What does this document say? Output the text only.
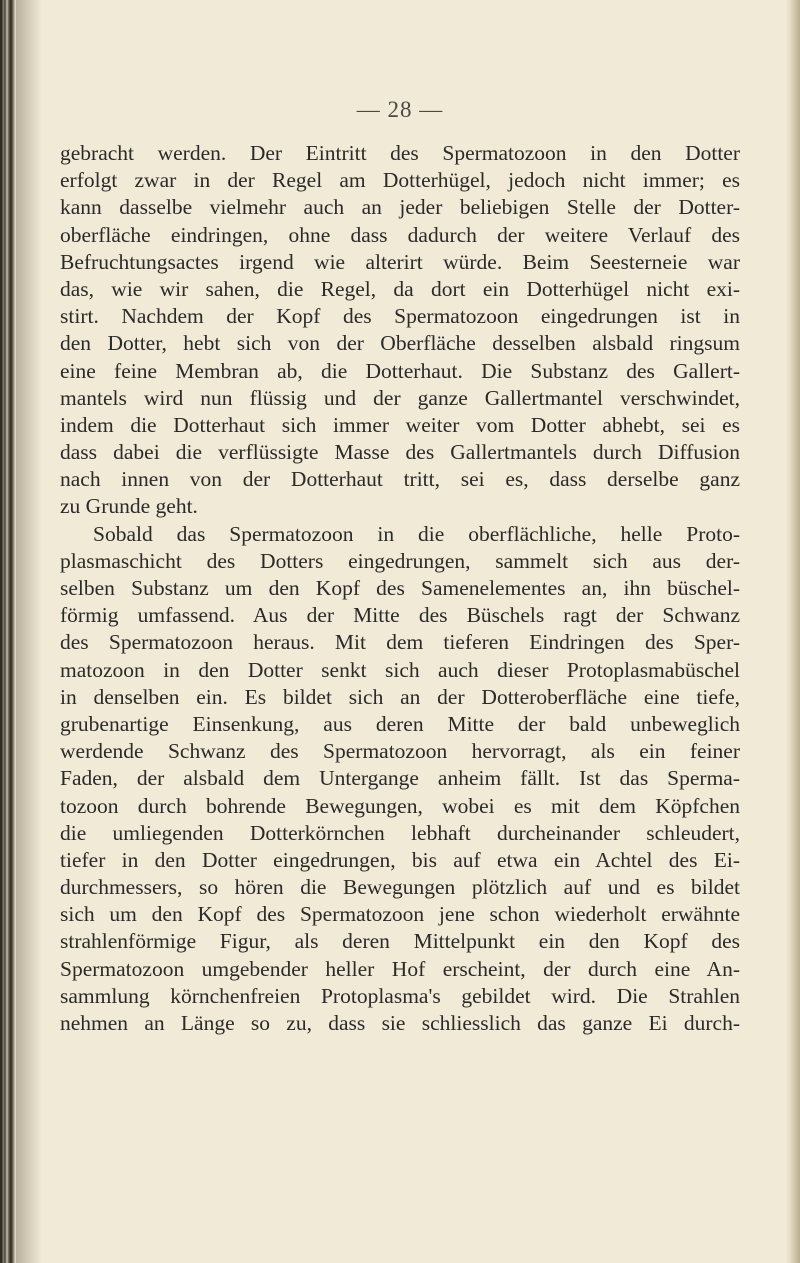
— 28 —
gebracht werden. Der Eintritt des Spermatozoon in den Dotter
erfolgt zwar in der Regel am Dotterhügel, jedoch nicht immer; es
kann dasselbe vielmehr auch an jeder beliebigen Stelle der Dotter-
oberfläche eindringen, ohne dass dadurch der weitere Verlauf des
Befruchtungsactes irgend wie alterirt würde. Beim Seesterneie war
das, wie wir sahen, die Regel, da dort ein Dotterhügel nicht exi-
stirt. Nachdem der Kopf des Spermatozoon eingedrungen ist in
den Dotter, hebt sich von der Oberfläche desselben alsbald ringsum
eine feine Membran ab, die Dotterhaut. Die Substanz des Gallert-
mantels wird nun flüssig und der ganze Gallertmantel verschwindet,
indem die Dotterhaut sich immer weiter vom Dotter abhebt, sei es
dass dabei die verflüssigte Masse des Gallertmantels durch Diffusion
nach innen von der Dotterhaut tritt, sei es, dass derselbe ganz
zu Grunde geht.
Sobald das Spermatozoon in die oberflächliche, helle Proto-
plasmaschicht des Dotters eingedrungen, sammelt sich aus der-
selben Substanz um den Kopf des Samenelementes an, ihn büschel-
förmig umfassend. Aus der Mitte des Büschels ragt der Schwanz
des Spermatozoon heraus. Mit dem tieferen Eindringen des Sper-
matozoon in den Dotter senkt sich auch dieser Protoplasmabüschel
in denselben ein. Es bildet sich an der Dotteroberfläche eine tiefe,
grubenartige Einsenkung, aus deren Mitte der bald unbeweglich
werdende Schwanz des Spermatozoon hervorragt, als ein feiner
Faden, der alsbald dem Untergange anheim fällt. Ist das Sperma-
tozoon durch bohrende Bewegungen, wobei es mit dem Köpfchen
die umliegenden Dotterkörnchen lebhaft durcheinander schleudert,
tiefer in den Dotter eingedrungen, bis auf etwa ein Achtel des Ei-
durchmessers, so hören die Bewegungen plötzlich auf und es bildet
sich um den Kopf des Spermatozoon jene schon wiederholt erwähnte
strahlenförmige Figur, als deren Mittelpunkt ein den Kopf des
Spermatozoon umgebender heller Hof erscheint, der durch eine An-
sammlung körnchenfreien Protoplasma's gebildet wird. Die Strahlen
nehmen an Länge so zu, dass sie schliesslich das ganze Ei durch-
